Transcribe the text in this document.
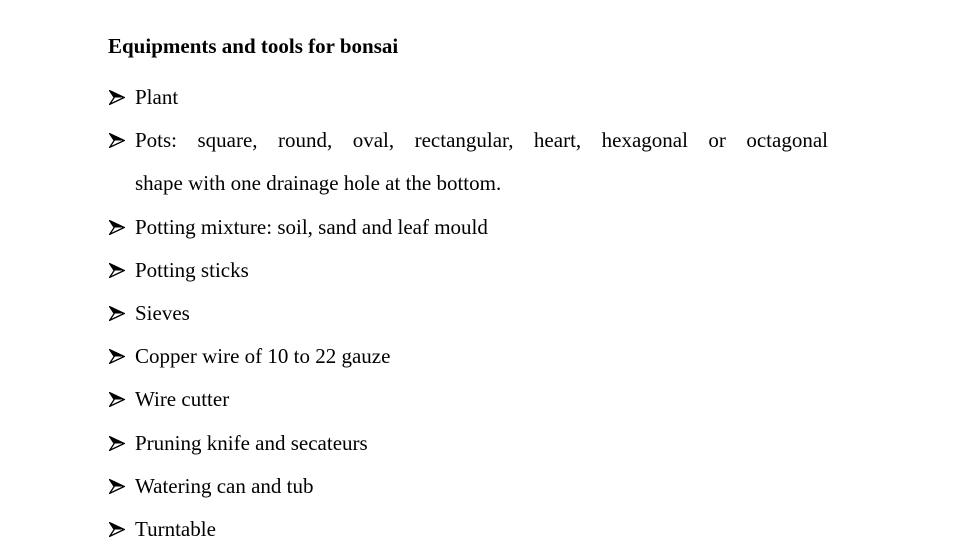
Equipments and tools for bonsai
Plant
Pots: square, round, oval, rectangular, heart, hexagonal or octagonal
shape with one drainage hole at the bottom.
Potting mixture: soil, sand and leaf mould
Potting sticks
Sieves
Copper wire of 10 to 22 gauze
Wire cutter
Pruning knife and secateurs
Watering can and tub
Turntable
